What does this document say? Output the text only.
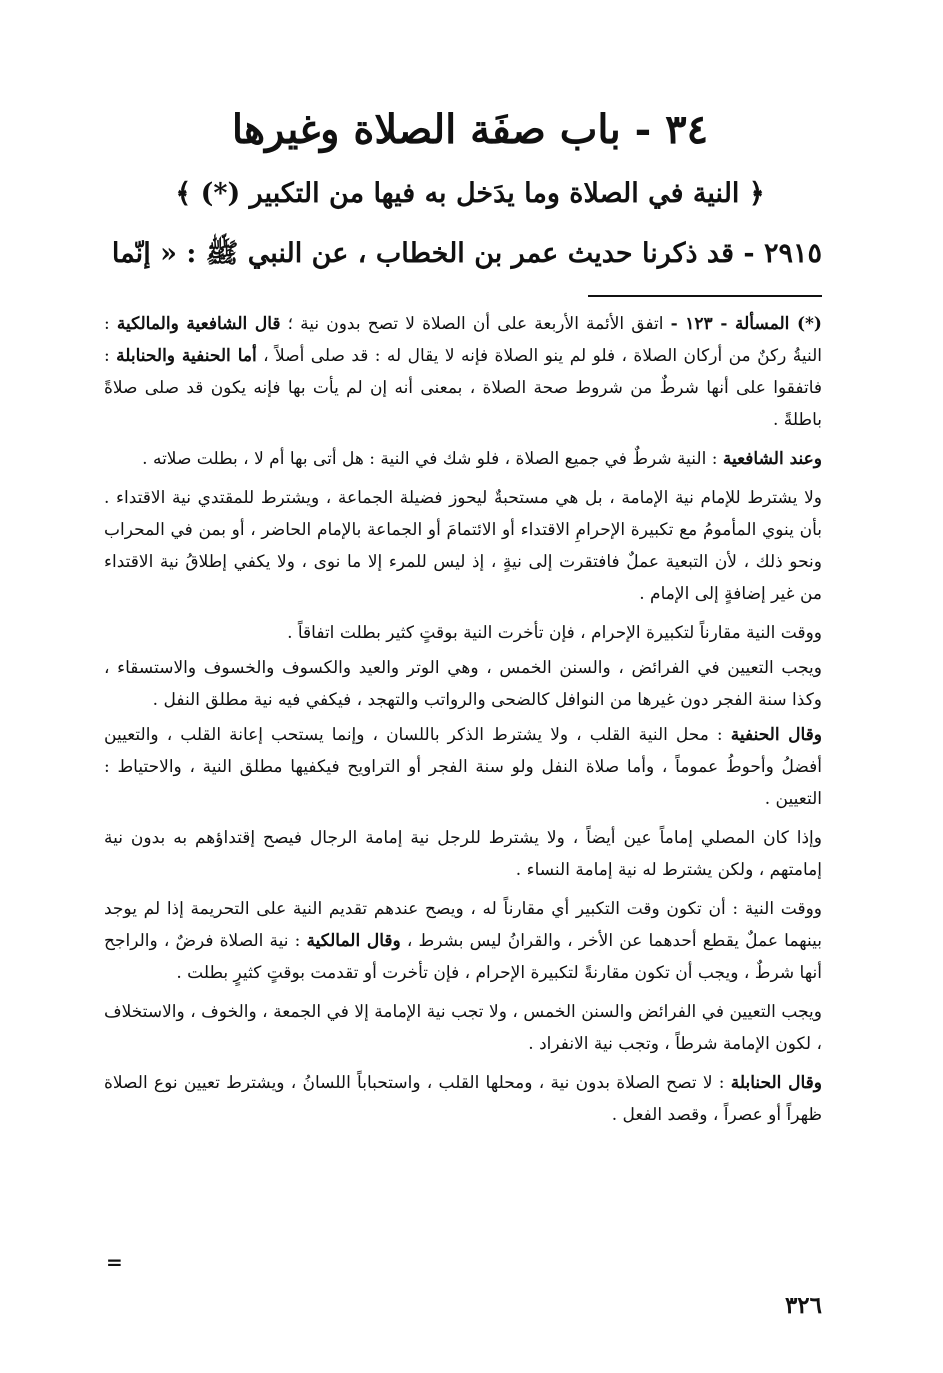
٣٤ - باب صفَة الصلاة وغيرها
﴿ النية في الصلاة وما يدَخل به فيها من التكبير (*) ﴾
٢٩١٥ - قد ذكرنا حديث عمر بن الخطاب ، عن النبي ﷺ : « إنّما
(*) المسألة - ١٢٣ - اتفق الأئمة الأربعة على أن الصلاة لا تصح بدون نية ؛ قال الشافعية والمالكية : النيةُ ركنٌ من أركان الصلاة ، فلو لم ينو الصلاة فإنه لا يقال له : قد صلى أصلاً ، أما الحنفية والحنابلة : فاتفقوا على أنها شرطٌ من شروط صحة الصلاة ، بمعنى أنه إن لم يأت بها فإنه يكون قد صلى صلاةً باطلةً .
وعند الشافعية : النية شرطٌ في جميع الصلاة ، فلو شك في النية : هل أتى بها أم لا ، بطلت صلاته .
ولا يشترط للإمام نية الإمامة ، بل هي مستحبةٌ ليحوز فضيلة الجماعة ، ويشترط للمقتدي نية الاقتداء . بأن ينوي المأمومُ مع تكبيرة الإحرامِ الاقتداء أو الائتمامَ أو الجماعة بالإمام الحاضر ، أو بمن في المحراب ونحو ذلك ، لأن التبعية عملٌ فافتقرت إلى نيةٍ ، إذ ليس للمرء إلا ما نوى ، ولا يكفي إطلاقُ نية الاقتداء من غير إضافةٍ إلى الإمام .
ووقت النية مقارناً لتكبيرة الإحرام ، فإن تأخرت النية بوقتٍ كثير بطلت اتفاقاً .
ويجب التعيين في الفرائض ، والسنن الخمس ، وهي الوتر والعيد والكسوف والخسوف والاستسقاء ، وكذا سنة الفجر دون غيرها من النوافل كالضحى والرواتب والتهجد ، فيكفي فيه نية مطلق النفل .
وقال الحنفية : محل النية القلب ، ولا يشترط الذكر باللسان ، وإنما يستحب إعانة القلب ، والتعيين أفضلُ وأحوطُ عموماً ، وأما صلاة النفل ولو سنة الفجر أو التراويح فيكفيها مطلق النية ، والاحتياط : التعيين .
وإذا كان المصلي إماماً عين أيضاً ، ولا يشترط للرجل نية إمامة الرجال فيصح إقتداؤهم به بدون نية إمامتهم ، ولكن يشترط له نية إمامة النساء .
ووقت النية : أن تكون وقت التكبير أي مقارناً له ، ويصح عندهم تقديم النية على التحريمة إذا لم يوجد بينهما عملٌ يقطع أحدهما عن الأخر ، والقرانُ ليس بشرط ، وقال المالكية : نية الصلاة فرضٌ ، والراجح أنها شرطٌ ، ويجب أن تكون مقارنةً لتكبيرة الإحرام ، فإن تأخرت أو تقدمت بوقتٍ كثيرٍ بطلت .
ويجب التعيين في الفرائض والسنن الخمس ، ولا تجب نية الإمامة إلا في الجمعة ، والخوف ، والاستخلاف ، لكون الإمامة شرطاً ، وتجب نية الانفراد .
وقال الحنابلة : لا تصح الصلاة بدون نية ، ومحلها القلب ، واستحباباً اللسانُ ، ويشترط تعيين نوع الصلاة ظهراً أو عصراً ، وقصد الفعل .
=
٣٢٦
